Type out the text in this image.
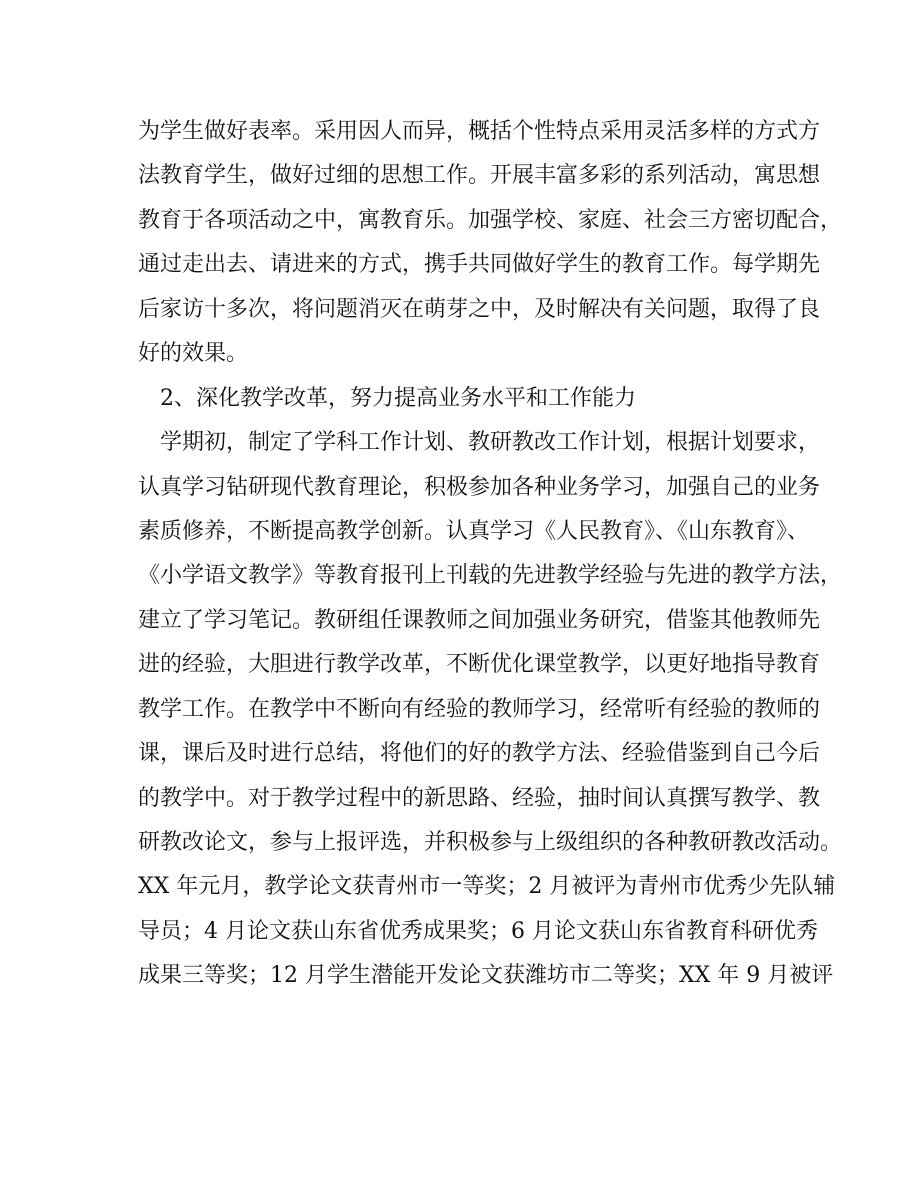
为学生做好表率。采用因人而异，概括个性特点采用灵活多样的方式方
法教育学生，做好过细的思想工作。开展丰富多彩的系列活动，寓思想
教育于各项活动之中，寓教育乐。加强学校、家庭、社会三方密切配合，
通过走出去、请进来的方式，携手共同做好学生的教育工作。每学期先
后家访十多次，将问题消灭在萌芽之中，及时解决有关问题，取得了良
好的效果。
2、深化教学改革，努力提高业务水平和工作能力
学期初，制定了学科工作计划、教研教改工作计划，根据计划要求，
认真学习钻研现代教育理论，积极参加各种业务学习，加强自己的业务
素质修养，不断提高教学创新。认真学习《人民教育》、《山东教育》、
《小学语文教学》等教育报刊上刊载的先进教学经验与先进的教学方法，
建立了学习笔记。教研组任课教师之间加强业务研究，借鉴其他教师先
进的经验，大胆进行教学改革，不断优化课堂教学，以更好地指导教育
教学工作。在教学中不断向有经验的教师学习，经常听有经验的教师的
课，课后及时进行总结，将他们的好的教学方法、经验借鉴到自己今后
的教学中。对于教学过程中的新思路、经验，抽时间认真撰写教学、教
研教改论文，参与上报评选，并积极参与上级组织的各种教研教改活动。
XX 年元月，教学论文获青州市一等奖；2 月被评为青州市优秀少先队辅
导员；4 月论文获山东省优秀成果奖；6 月论文获山东省教育科研优秀
成果三等奖；12 月学生潜能开发论文获潍坊市二等奖；XX 年 9 月被评
